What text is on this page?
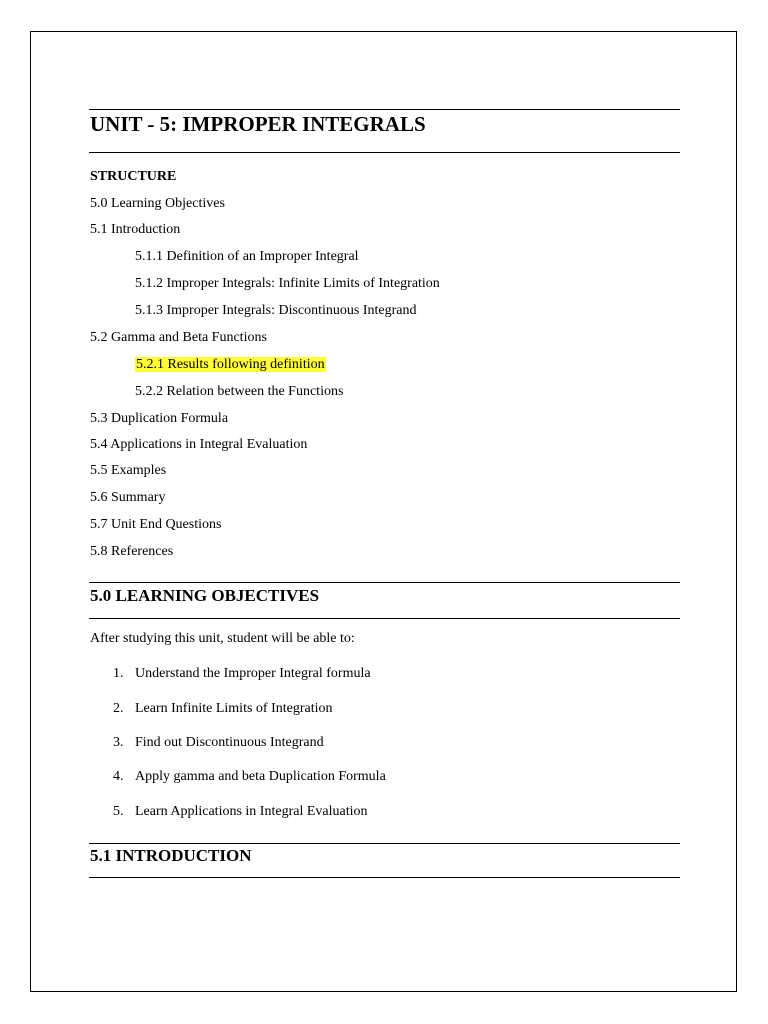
UNIT - 5: IMPROPER INTEGRALS
STRUCTURE
5.0 Learning Objectives
5.1 Introduction
5.1.1 Definition of an Improper Integral
5.1.2 Improper Integrals: Infinite Limits of Integration
5.1.3 Improper Integrals: Discontinuous Integrand
5.2 Gamma and Beta Functions
5.2.1 Results following definition
5.2.2 Relation between the Functions
5.3 Duplication Formula
5.4 Applications in Integral Evaluation
5.5 Examples
5.6 Summary
5.7 Unit End Questions
5.8 References
5.0 LEARNING OBJECTIVES
After studying this unit, student will be able to:
1. Understand the Improper Integral formula
2. Learn Infinite Limits of Integration
3. Find out Discontinuous Integrand
4. Apply gamma and beta Duplication Formula
5. Learn Applications in Integral Evaluation
5.1 INTRODUCTION
